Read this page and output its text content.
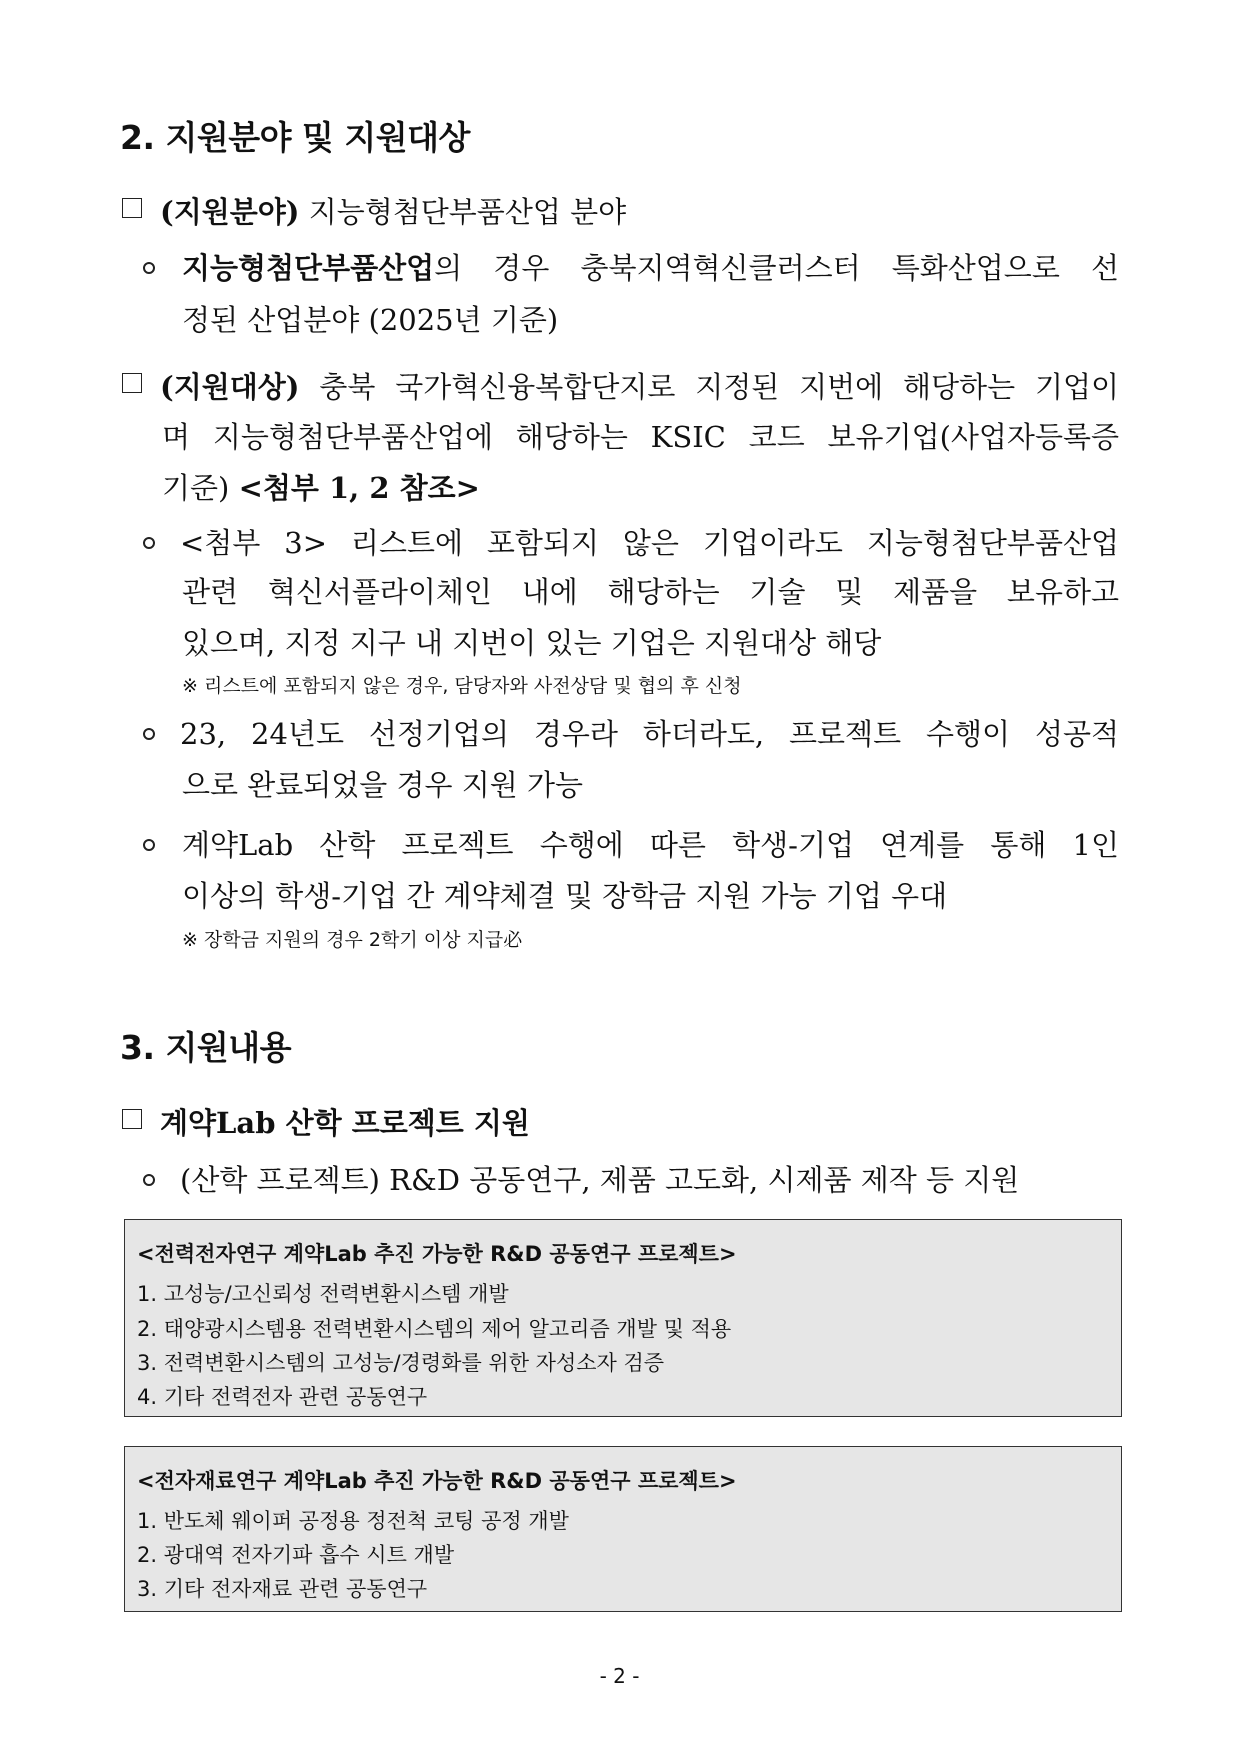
2. 지원분야 및 지원대상
(지원분야) 지능형첨단부품산업 분야
지능형첨단부품산업의 경우 충북지역혁신클러스터 특화산업으로 선
정된 산업분야 (2025년 기준)
(지원대상) 충북 국가혁신융복합단지로 지정된 지번에 해당하는 기업이
며 지능형첨단부품산업에 해당하는 KSIC 코드 보유기업(사업자등록증
기준) <첨부 1, 2 참조>
<첨부 3> 리스트에 포함되지 않은 기업이라도 지능형첨단부품산업
관련 혁신서플라이체인 내에 해당하는 기술 및 제품을 보유하고
있으며, 지정 지구 내 지번이 있는 기업은 지원대상 해당
※ 리스트에 포함되지 않은 경우, 담당자와 사전상담 및 협의 후 신청
23, 24년도 선정기업의 경우라 하더라도, 프로젝트 수행이 성공적
으로 완료되었을 경우 지원 가능
계약Lab 산학 프로젝트 수행에 따른 학생-기업 연계를 통해 1인
이상의 학생-기업 간 계약체결 및 장학금 지원 가능 기업 우대
※ 장학금 지원의 경우 2학기 이상 지급必
3. 지원내용
계약Lab 산학 프로젝트 지원
(산학 프로젝트) R&D 공동연구, 제품 고도화, 시제품 제작 등 지원
<전력전자연구 계약Lab 추진 가능한 R&D 공동연구 프로젝트>
1. 고성능/고신뢰성 전력변환시스템 개발
2. 태양광시스템용 전력변환시스템의 제어 알고리즘 개발 및 적용
3. 전력변환시스템의 고성능/경령화를 위한 자성소자 검증
4. 기타 전력전자 관련 공동연구
<전자재료연구 계약Lab 추진 가능한 R&D 공동연구 프로젝트>
1. 반도체 웨이퍼 공정용 정전척 코팅 공정 개발
2. 광대역 전자기파 흡수 시트 개발
3. 기타 전자재료 관련 공동연구
- 2 -
